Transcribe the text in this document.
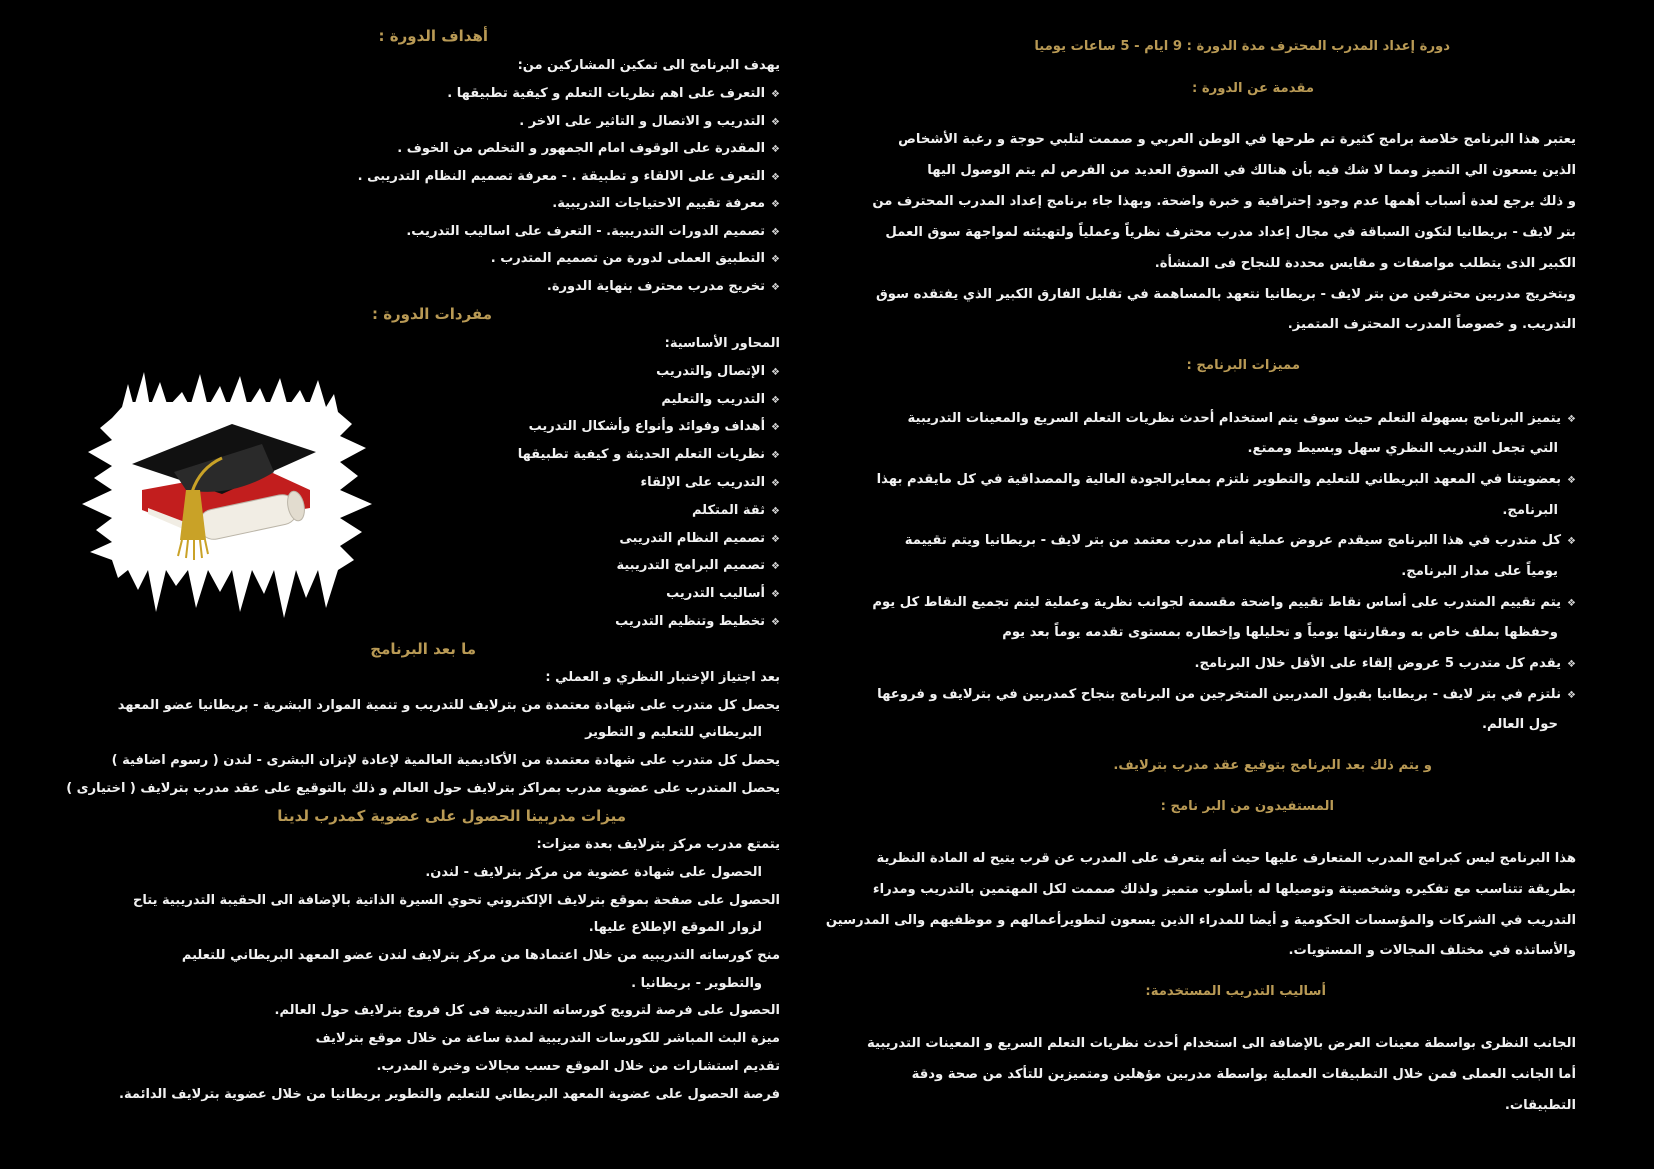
دورة إعداد المدرب المحترف مدة الدورة : 9 ايام - 5 ساعات يوميا
مقدمة عن الدورة :
يعتبر هذا البرنامج خلاصة برامج كثيرة تم طرحها في الوطن العربي و صممت لتلبي حوجة و رغبة الأشخاص
الذين يسعون الي التميز ومما لا شك فيه بأن هنالك في السوق العديد من الفرص لم يتم الوصول اليها
و ذلك يرجع لعدة أسباب أهمها عدم وجود إحترافية و خبرة واضحة. وبهذا جاء برنامج إعداد المدرب المحترف من
بتر لايف - بريطانيا لتكون السباقة في مجال إعداد مدرب محترف نظرياً وعملياً ولتهيئته لمواجهة سوق العمل
الكبير الذى يتطلب مواصفات و مقايس محددة للنجاح فى المنشأة.
وبتخريج مدربين محترفين من بتر لايف - بريطانيا نتعهد بالمساهمة في تقليل الفارق الكبير الذي يفتقده سوق
التدريب. و خصوصاً المدرب المحترف المتميز.
مميزات البرنامج :
❖ يتميز البرنامج بسهولة التعلم حيث سوف يتم استخدام أحدث نظريات التعلم السريع والمعينات التدريبية
التي تجعل التدريب النظري سهل وبسيط وممتع.
❖ بعضويتنا في المعهد البريطاني للتعليم والتطوير نلتزم بمعايرالجودة العالية والمصداقية في كل مايقدم بهذا
البرنامج.
❖ كل متدرب في هذا البرنامج سيقدم عروض عملية أمام مدرب معتمد من بتر لايف - بريطانيا ويتم تقييمة
يومياً على مدار البرنامج.
❖ يتم تقييم المتدرب على أساس نقاط تقييم واضحة مقسمة لجوانب نظرية وعملية ليتم تجميع النقاط كل يوم
وحفظها بملف خاص به ومقارنتها يومياً و تحليلها وإخطاره بمستوى تقدمه يوماً بعد يوم
❖ يقدم كل متدرب 5 عروض إلقاء على الأقل خلال البرنامج.
❖ نلتزم في بتر لايف - بريطانيا بقبول المدربين المتخرجين من البرنامج بنجاح كمدربين في بترلايف و فروعها
حول العالم.
و يتم ذلك بعد البرنامج بتوقيع عقد مدرب بترلايف.
المستفيدون من البر نامج :
هذا البرنامج ليس كبرامج المدرب المتعارف عليها حيث أنه يتعرف على المدرب عن قرب يتيح له المادة النظرية
بطريقة تتناسب مع تفكيره وشخصيتة وتوصيلها له بأسلوب متميز ولذلك صممت لكل المهتمين بالتدريب ومدراء
التدريب في الشركات والمؤسسات الحكومية و أيضا للمدراء الذين يسعون لتطويرأعمالهم و موظفيهم والى المدرسين
والأساتذه في مختلف المجالات و المستويات.
أساليب التدريب المستخدمة:
الجانب النظرى بواسطة معينات العرض بالإضافة الى استخدام أحدث نظريات التعلم السريع و المعينات التدريبية
أما الجانب العملى فمن خلال التطبيقات العملية بواسطة مدربين مؤهلين ومتميزين للتأكد من صحة ودقة
التطبيقات.
أهداف الدورة :
يهدف البرنامج الى تمكين المشاركين من:
❖ التعرف على اهم نظريات التعلم و كيفية تطبيقها .
❖ التدريب و الاتصال و التاثير على الاخر .
❖ المقدرة على الوقوف امام الجمهور و التخلص من الخوف .
❖ التعرف على الالقاء و تطبيقة . - معرفة تصميم النظام التدريبى .
❖ معرفة تقييم الاحتياجات التدريبية.
❖ تصميم الدورات التدريبية. - التعرف على اساليب التدريب.
❖ التطبيق العملى لدورة من تصميم المتدرب .
❖ تخريج مدرب محترف بنهاية الدورة.
مفردات الدورة :
المحاور الأساسية:
❖ الإتصال والتدريب
❖ التدريب والتعليم
❖ أهداف وفوائد وأنواع وأشكال التدريب
❖ نظريات التعلم الحديثة و كيفية تطبيقها
❖ التدريب على الإلقاء
❖ ثقة المتكلم
❖ تصميم النظام التدريبى
❖ تصميم البرامج التدريبية
❖ أساليب التدريب
❖ تخطيط وتنظيم التدريب
ما بعد البرنامج
بعد اجتياز الإختبار النظري و العملي :
يحصل كل متدرب على شهادة معتمدة من بترلايف للتدريب و تنمية الموارد البشرية - بريطانيا عضو المعهد
البريطاني للتعليم و التطوير
يحصل كل متدرب على شهادة معتمدة من الأكاديمية العالمية لإعادة لإتزان البشرى - لندن ( رسوم اضافية )
يحصل المتدرب على عضوية مدرب بمراكز بترلايف حول العالم و ذلك بالتوقيع على عقد مدرب بترلايف ( اختيارى )
ميزات مدربينا الحصول على عضوية كمدرب لدينا
يتمتع مدرب مركز بترلايف بعدة ميزات:
الحصول على شهادة عضوية من مركز بترلايف - لندن.
الحصول على صفحة بموقع بترلايف الإلكتروني تحوي السيرة الذاتية بالإضافة الى الحقيبة التدريبية يتاح
لزوار الموقع الإطلاع عليها.
منح كورساته التدريبيه من خلال اعتمادها من مركز بترلايف لندن عضو المعهد البريطاني للتعليم
والتطوير - بريطانيا .
الحصول على فرصة لترويج كورساته التدريبية فى كل فروع بترلايف حول العالم.
ميزة البث المباشر للكورسات التدريبية لمدة ساعة من خلال موقع بترلايف
تقديم استشارات من خلال الموقع حسب مجالات وخبرة المدرب.
فرصة الحصول على عضوية المعهد البريطاني للتعليم والتطوير بريطانيا من خلال عضوية بترلايف الدائمة.
